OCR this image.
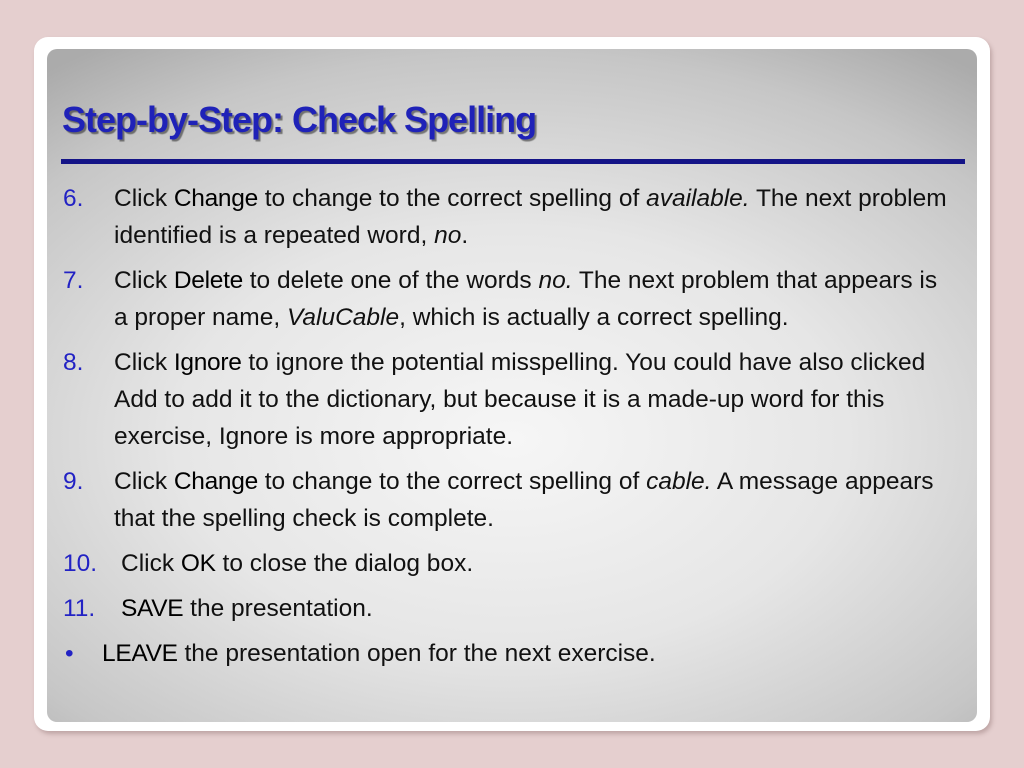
Step-by-Step: Check Spelling
6. Click Change to change to the correct spelling of available. The next problem identified is a repeated word, no.
7. Click Delete to delete one of the words no. The next problem that appears is a proper name, ValuCable, which is actually a correct spelling.
8. Click Ignore to ignore the potential misspelling. You could have also clicked Add to add it to the dictionary, but because it is a made-up word for this exercise, Ignore is more appropriate.
9. Click Change to change to the correct spelling of cable. A message appears that the spelling check is complete.
10. Click OK to close the dialog box.
11. SAVE the presentation.
• LEAVE the presentation open for the next exercise.
